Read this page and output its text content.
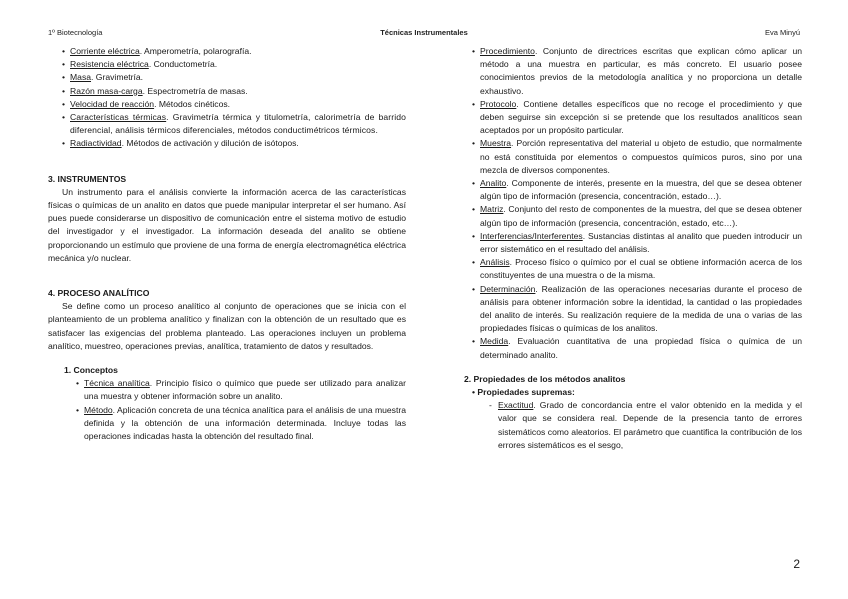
1º Biotecnología	Técnicas Instrumentales	Eva Minyú
• Corriente eléctrica. Amperometría, polarografía.
• Resistencia eléctrica. Conductometría.
• Masa. Gravimetría.
• Razón masa-carga. Espectrometría de masas.
• Velocidad de reacción. Métodos cinéticos.
• Características térmicas. Gravimetría térmica y titulometría, calorimetría de barrido diferencial, análisis térmicos diferenciales, métodos conductimétricos térmicos.
• Radiactividad. Métodos de activación y dilución de isótopos.

3. INSTRUMENTOS

Un instrumento para el análisis convierte la información acerca de las características físicas o químicas de un analito en datos que puede manipular interpretar el ser humano. Así pues puede considerarse un dispositivo de comunicación entre el sistema motivo de estudio del investigador y el investigador. La información deseada del analito se obtiene proporcionando un estímulo que proviene de una forma de energía electromagnética eléctrica mecánica y/o nuclear.

4. PROCESO ANALÍTICO

Se define como un proceso analítico al conjunto de operaciones que se inicia con el planteamiento de un problema analítico y finalizan con la obtención de un resultado que es satisfacer las exigencias del problema planteado. Las operaciones incluyen un problema analítico, muestreo, operaciones previas, analítica, tratamiento de datos y resultados.

1. Conceptos

• Técnica analítica. Principio físico o químico que puede ser utilizado para analizar una muestra y obtener información sobre un analito.
• Método. Aplicación concreta de una técnica analítica para el análisis de una muestra definida y la obtención de una información determinada. Incluye todas las operaciones indicadas hasta la obtención del resultado final.
• Procedimiento. Conjunto de directrices escritas que explican cómo aplicar un método a una muestra en particular, es más concreto. El usuario posee conocimientos previos de la metodología analítica y no proporciona un detalle exhaustivo.
• Protocolo. Contiene detalles específicos que no recoge el procedimiento y que deben seguirse sin excepción si se pretende que los resultados analíticos sean aceptados por un propósito particular.
• Muestra. Porción representativa del material u objeto de estudio, que normalmente no está constituida por elementos o compuestos químicos puros, sino por una mezcla de diversos componentes.
• Analito. Componente de interés, presente en la muestra, del que se desea obtener algún tipo de información (presencia, concentración, estado…).
• Matriz. Conjunto del resto de componentes de la muestra, del que se desea obtener algún tipo de información (presencia, concentración, estado, etc…).
• Interferencias/Interferentes. Sustancias distintas al analito que pueden introducir un error sistemático en el resultado del análisis.
• Análisis. Proceso físico o químico por el cual se obtiene información acerca de los constituyentes de una muestra o de la misma.
• Determinación. Realización de las operaciones necesarias durante el proceso de análisis para obtener información sobre la identidad, la cantidad o las propiedades del analito de interés. Su realización requiere de la medida de una o varias de las propiedades físicas o químicas de los analitos.
• Medida. Evaluación cuantitativa de una propiedad física o química de un determinado analito.

2. Propiedades de los métodos analitos

• Propiedades supremas:

- Exactitud. Grado de concordancia entre el valor obtenido en la medida y el valor que se considera real. Depende de la presencia tanto de errores sistemáticos como aleatorios. El parámetro que cuantifica la contribución de los errores sistemáticos es el sesgo,
2
